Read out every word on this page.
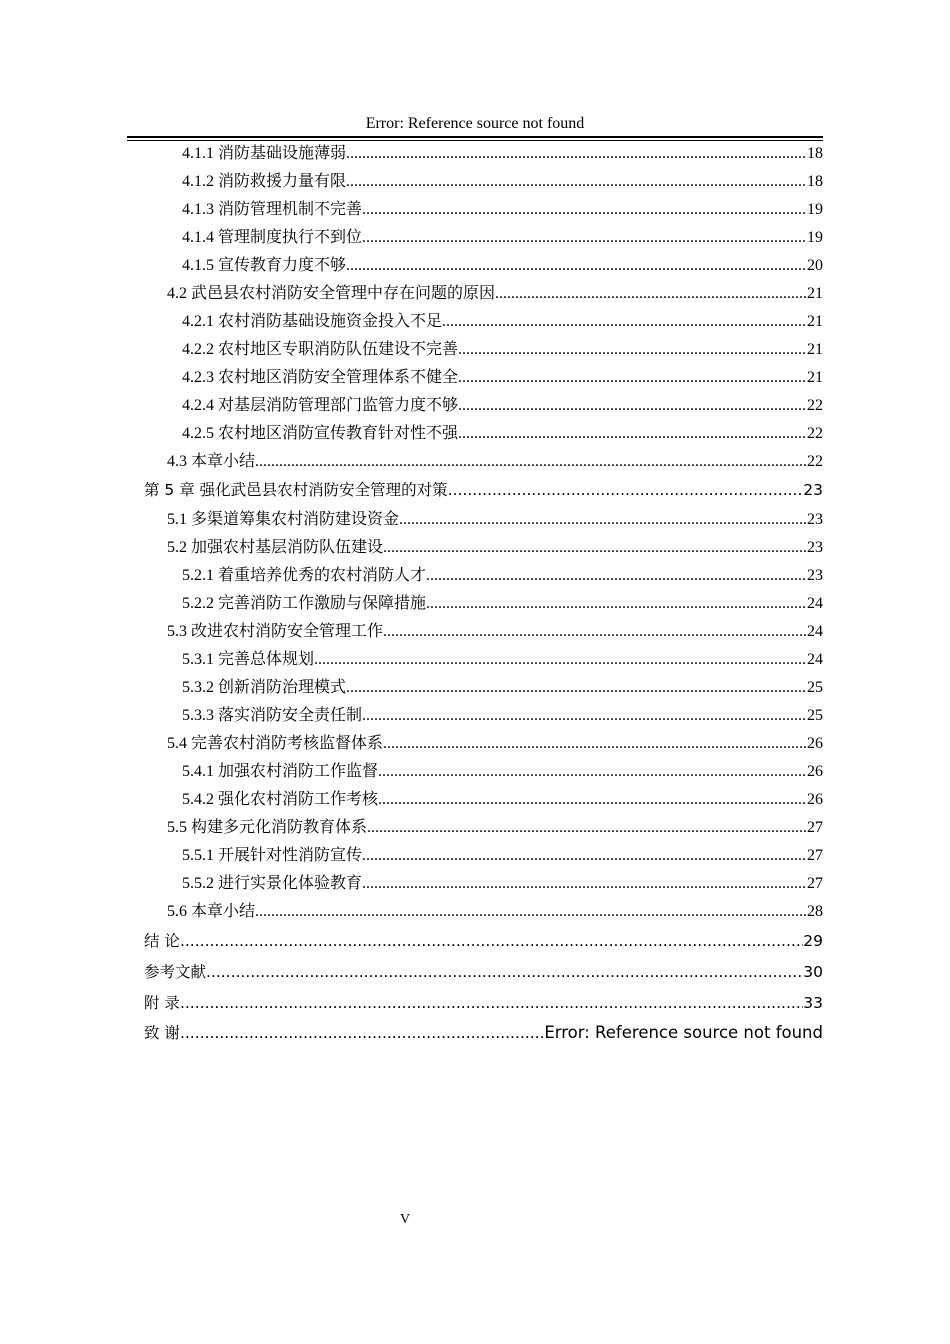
Error: Reference source not found
4.1.1 消防基础设施薄弱 .....	18
4.1.2 消防救援力量有限 .....	18
4.1.3 消防管理机制不完善 .....	19
4.1.4 管理制度执行不到位 .....	19
4.1.5 宣传教育力度不够 .....	20
4.2 武邑县农村消防安全管理中存在问题的原因 .....	21
4.2.1 农村消防基础设施资金投入不足 .....	21
4.2.2 农村地区专职消防队伍建设不完善 .....	21
4.2.3 农村地区消防安全管理体系不健全 .....	21
4.2.4 对基层消防管理部门监管力度不够 .....	22
4.2.5 农村地区消防宣传教育针对性不强 .....	22
4.3 本章小结 .....	22
第 5 章 强化武邑县农村消防安全管理的对策 .....	23
5.1 多渠道筹集农村消防建设资金 .....	23
5.2 加强农村基层消防队伍建设 .....	23
5.2.1 着重培养优秀的农村消防人才 .....	23
5.2.2 完善消防工作激励与保障措施 .....	24
5.3 改进农村消防安全管理工作 .....	24
5.3.1 完善总体规划 .....	24
5.3.2 创新消防治理模式 .....	25
5.3.3 落实消防安全责任制 .....	25
5.4 完善农村消防考核监督体系 .....	26
5.4.1 加强农村消防工作监督 .....	26
5.4.2 强化农村消防工作考核 .....	26
5.5 构建多元化消防教育体系 .....	27
5.5.1 开展针对性消防宣传 .....	27
5.5.2 进行实景化体验教育 .....	27
5.6 本章小结 .....	28
结 论 .....	29
参考文献 .....	30
附 录 .....	33
致 谢 .....	Error: Reference source not found
V
